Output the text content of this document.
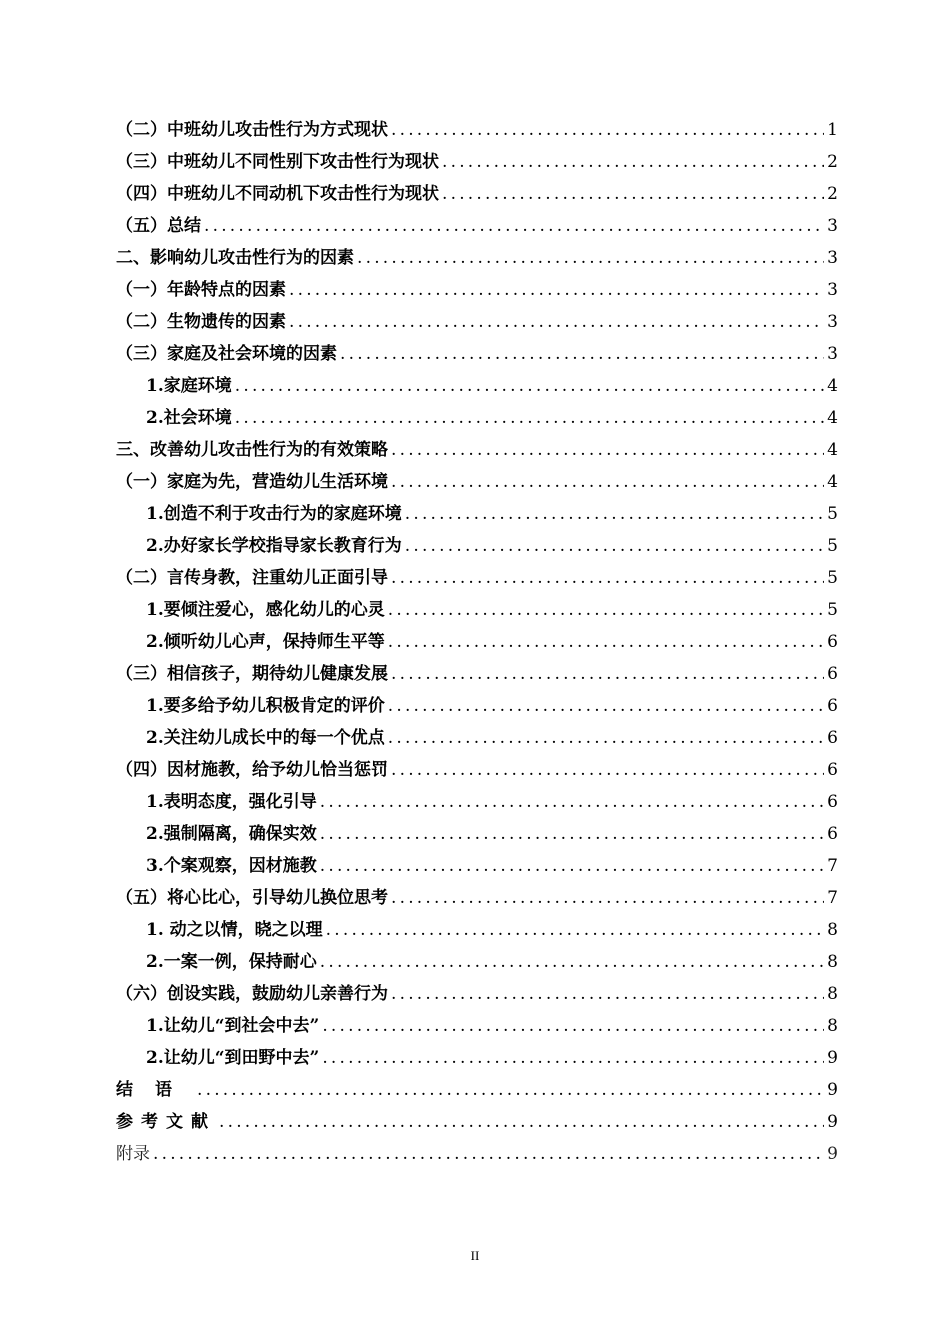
（二）中班幼儿攻击性行为方式现状 .....	1
（三）中班幼儿不同性别下攻击性行为现状 .....	2
（四）中班幼儿不同动机下攻击性行为现状 .....	2
（五）总结 .....	3
二、影响幼儿攻击性行为的因素 .....	3
（一）年龄特点的因素 .....	3
（二）生物遗传的因素 .....	3
（三）家庭及社会环境的因素 .....	3
1.家庭环境 .....	4
2.社会环境 .....	4
三、改善幼儿攻击性行为的有效策略 .....	4
（一）家庭为先，营造幼儿生活环境 .....	4
1.创造不利于攻击行为的家庭环境 .....	5
2.办好家长学校指导家长教育行为 .....	5
（二）言传身教，注重幼儿正面引导 .....	5
1.要倾注爱心，感化幼儿的心灵 .....	5
2.倾听幼儿心声，保持师生平等 .....	6
（三）相信孩子，期待幼儿健康发展 .....	6
1.要多给予幼儿积极肯定的评价 .....	6
2.关注幼儿成长中的每一个优点 .....	6
（四）因材施教，给予幼儿恰当惩罚 .....	6
1.表明态度，强化引导 .....	6
2.强制隔离，确保实效 .....	6
3.个案观察，因材施教 .....	7
（五）将心比心，引导幼儿换位思考 .....	7
1. 动之以情，晓之以理 .....	8
2.一案一例，保持耐心 .....	8
（六）创设实践，鼓励幼儿亲善行为 .....	8
1.让幼儿“到社会中去” .....	8
2.让幼儿“到田野中去” .....	9
结语 .....	9
参考文献 .....	9
附录 .....	9
II
